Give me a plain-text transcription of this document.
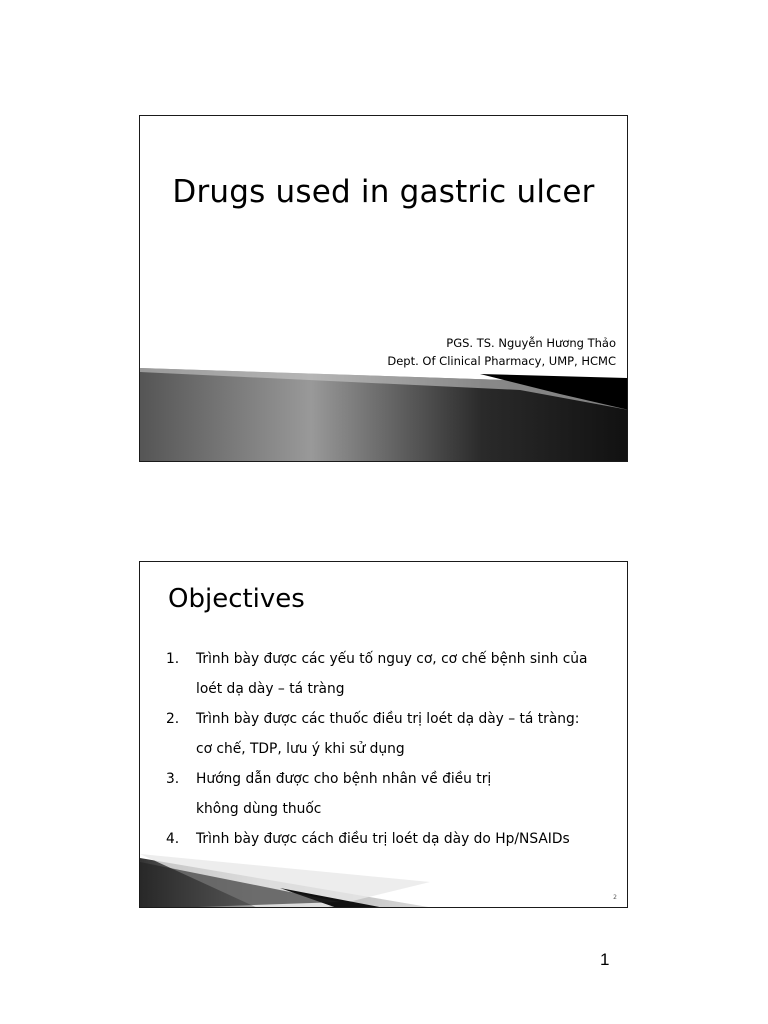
Drugs used in gastric ulcer
PGS. TS. Nguyễn Hương Thảo
Dept. Of Clinical Pharmacy, UMP, HCMC
Objectives
1. Trình bày được các yếu tố nguy cơ, cơ chế bệnh sinh của
loét dạ dày – tá tràng
2. Trình bày được các thuốc điều trị loét dạ dày – tá tràng:
cơ chế, TDP, lưu ý khi sử dụng
3. Hướng dẫn được cho bệnh nhân về điều trị
không dùng thuốc
4. Trình bày được cách điều trị loét dạ dày do Hp/NSAIDs
2
1
